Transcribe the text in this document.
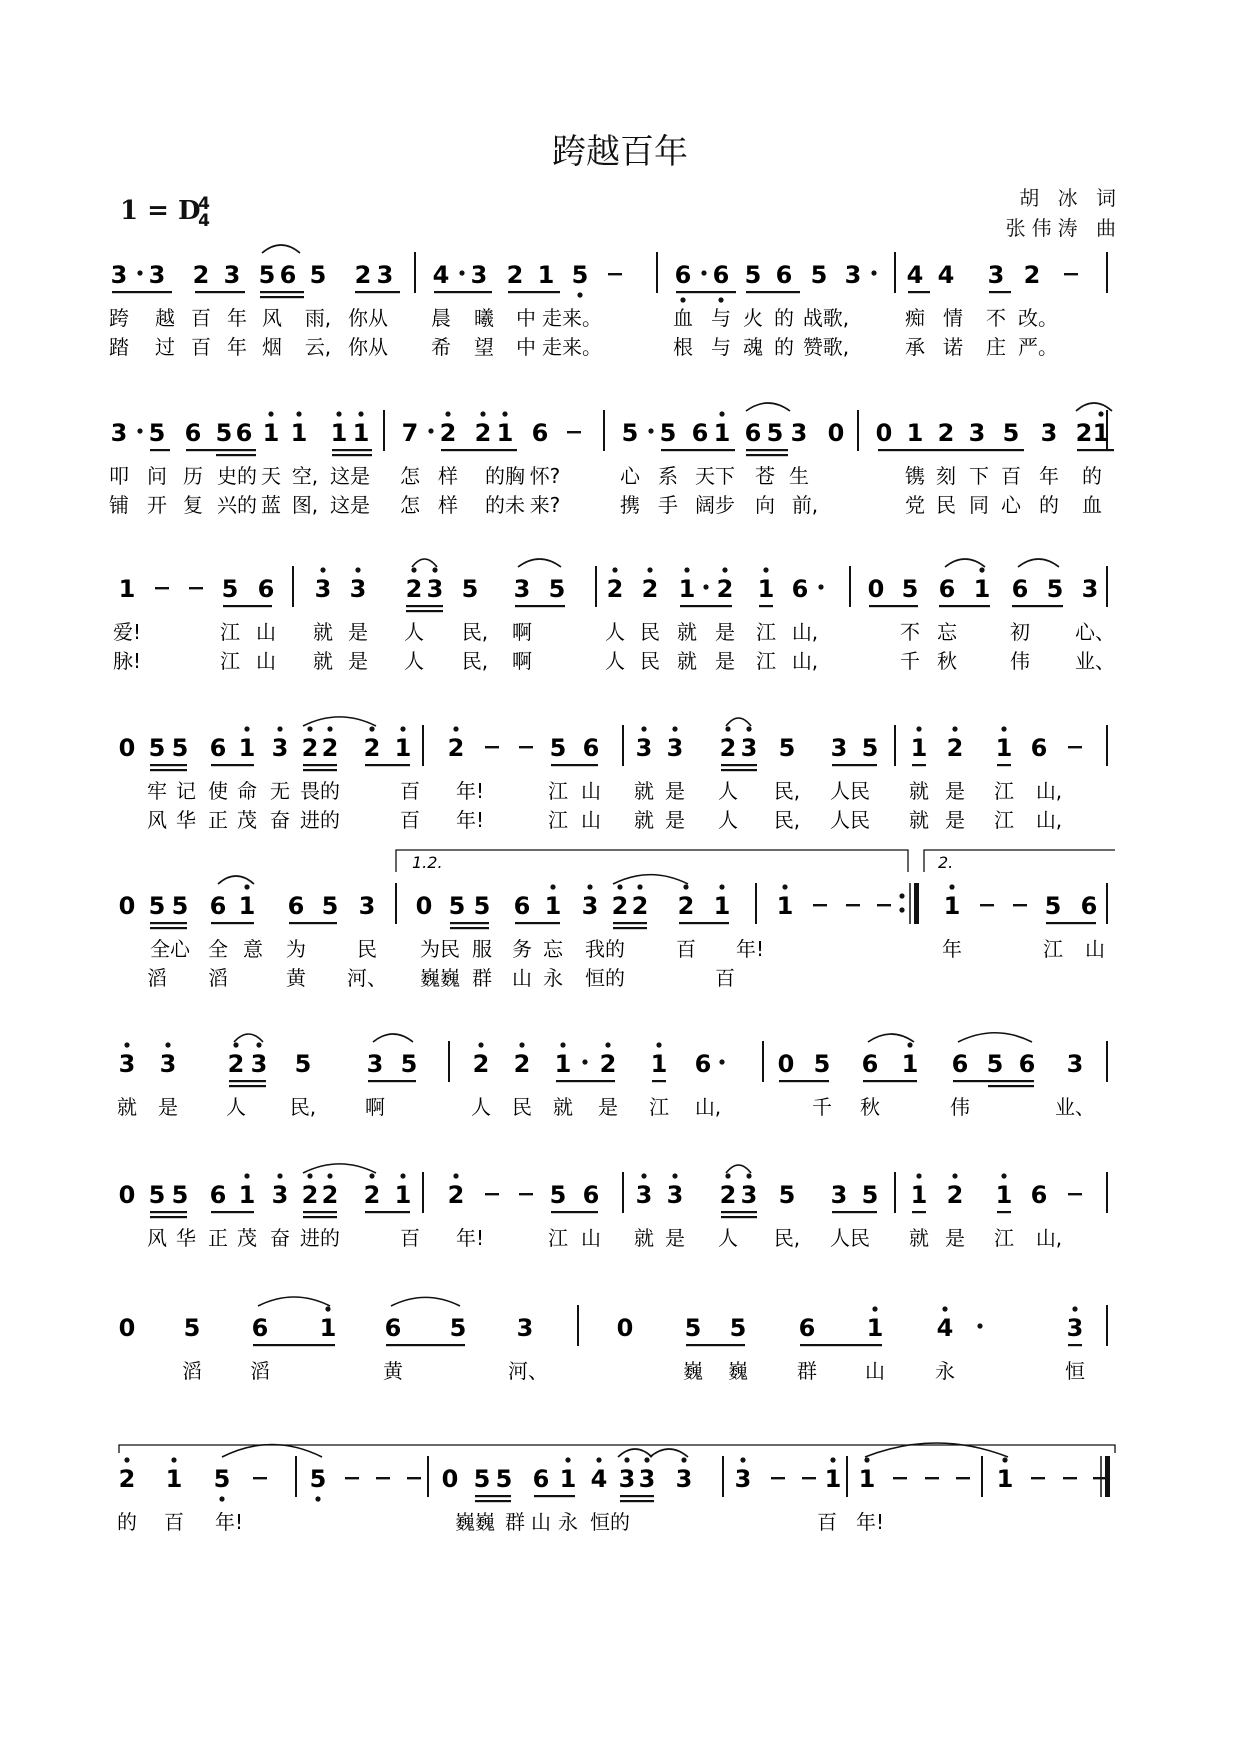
跨越百年
1 = D
4
4
胡 冰 词
张伟涛 曲
3 3 2 3 5 6 5 2 3 4 3 2 1 5	6 6 5 6 5 3 4 4 3 2
跨 越 百 年 风 雨, 你从 晨 曦 中 走来。	血 与 火 的 战歌,	痴 情 不 改。
踏 过 百 年 烟 云, 你从 希 望 中 走来。	根 与 魂 的 赞歌,	承 诺 庄 严。
3 5 6 5 6 1 1 1 1 7 2 2 1 6	5 5 6 1 6 5 3 0 0 1 2 3 5 3 2 1
叩 问 历 史的 天 空, 这是 怎 样 的胸 怀?	心 系 天下 苍 生	镌 刻 下 百 年 的
铺 开 复 兴的 蓝 图, 这是 怎 样 的未 来?	携 手 阔步 向 前,	党 民 同 心 的 血
1	5 6 3 3 2 3 5 3 5 2 2 1 2 1 6 0 5 6 1 6 5 3
爱!	江 山 就 是 人 民, 啊	人 民 就 是 江 山,	不 忘	初 心、
脉!	江 山 就 是 人 民, 啊	人 民 就 是 江 山,	千 秋	伟 业、
0 5 5 6 1 3 2 2 2 1 2	5 6 3 3 2 3 5 3 5 1 2 1 6
牢 记 使 命 无 畏的	百 年!	江 山 就 是 人 民, 人民 就 是 江 山,
风 华 正 茂 奋 进的	百 年!	江 山 就 是 人 民, 人民 就 是 江 山,
1.2.	2.
0 5 5 6 1 6 5 3 0 5 5 6 1 3 2 2 2 1 1	1	5 6
全心 全 意 为	民 为民 服 务 忘 我的	百 年!	年	江 山
滔 滔	黄 河、 巍巍 群 山 永 恒的	百
3 3 2 3 5 3 5 2 2 1 2 1 6	0 5 6 1 6 5 6 3
就 是 人 民, 啊	人 民 就 是 江 山,	千 秋	伟	业、
0 5 5 6 1 3 2 2 2 1 2	5 6 3 3 2 3 5 3 5 1 2 1 6
风 华 正 茂 奋 进的	百 年!	江 山 就 是 人 民, 人民 就 是 江 山,
0 5 6 1 6 5 3	0 5 5 6 1 4	3
滔 滔	黄	河、	巍 巍 群 山	永	恒
2 1 5	5	0 5 5 6 1 4 3 3 3 3	1 1	1
的 百 年!	巍巍 群 山 永 恒的	百 年!
